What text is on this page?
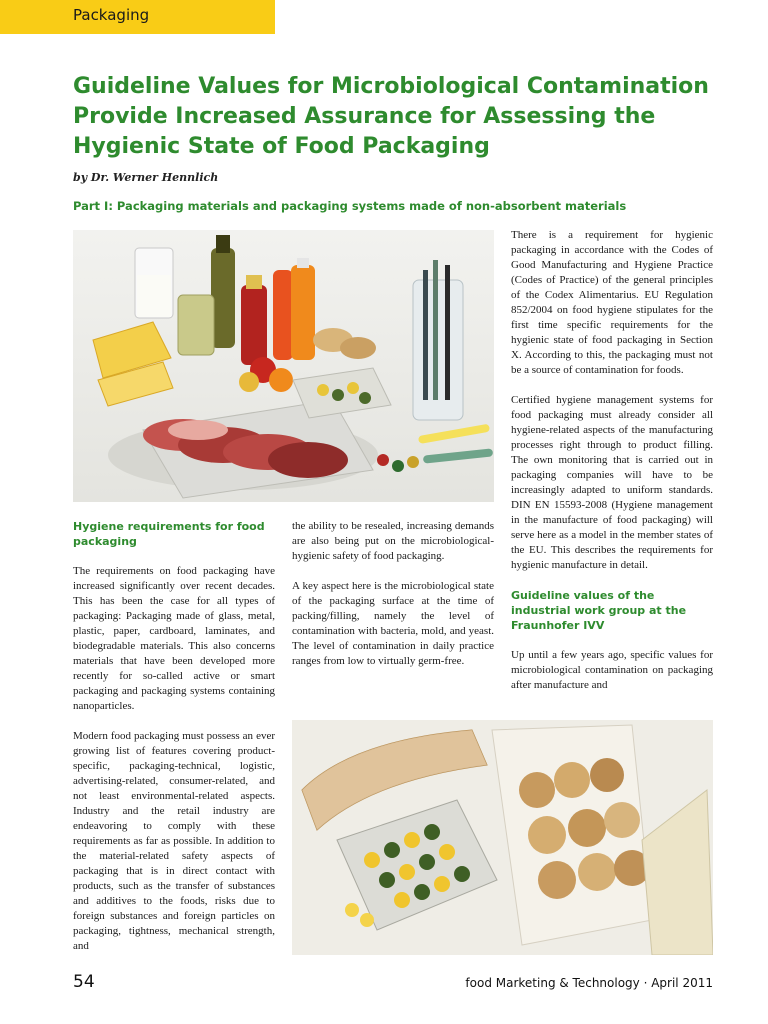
Packaging
Guideline Values for Microbiological Contamination Provide Increased Assurance for Assessing the Hygienic State of Food Packaging
by Dr. Werner Hennlich
Part I: Packaging materials and packaging systems made of non-absorbent materials
Hygiene requirements for food packaging

The requirements on food packaging have increased significantly over recent decades. This has been the case for all types of packaging: Packaging made of glass, metal, plastic, paper, cardboard, laminates, and biodegradable materials. This also concerns materials that have been developed more recently for so-called active or smart packaging and packaging systems containing nanoparticles.

Modern food packaging must possess an ever growing list of features covering product-specific, packaging-technical, logistic, advertising-related, consumer-related, and not least environmental-related aspects. Industry and the retail industry are endeavoring to comply with these requirements as far as possible. In addition to the material-related safety aspects of packaging that is in direct contact with products, such as the transfer of substances and additives to the foods, risks due to foreign substances and foreign particles on packaging, tightness, mechanical strength, and

the ability to be resealed, increasing demands are also being put on the microbiological-hygienic safety of food packaging.

A key aspect here is the microbiological state of the packaging surface at the time of packing/filling, namely the level of contamination with bacteria, mold, and yeast. The level of contamination in daily practice ranges from low to virtually germ-free.

There is a requirement for hygienic packaging in accordance with the Codes of Good Manufacturing and Hygiene Practice (Codes of Practice) of the general principles of the Codex Alimentarius. EU Regulation 852/2004 on food hygiene stipulates for the first time specific requirements for the hygienic state of food packaging in Section X. According to this, the packaging must not be a source of contamination for foods.

Certified hygiene management systems for food packaging must already consider all hygiene-related aspects of the manufacturing processes right through to product filling. The own monitoring that is carried out in packaging companies will have to be increasingly adapted to uniform standards. DIN EN 15593-2008 (Hygiene management in the manufacture of food packaging) will serve here as a model in the member states of the EU. This describes the requirements for hygienic manufacture in detail.

Guideline values of the industrial work group at the Fraunhofer IVV

Up until a few years ago, specific values for microbiological contamination on packaging after manufacture and

54	food Marketing & Technology · April 2011
